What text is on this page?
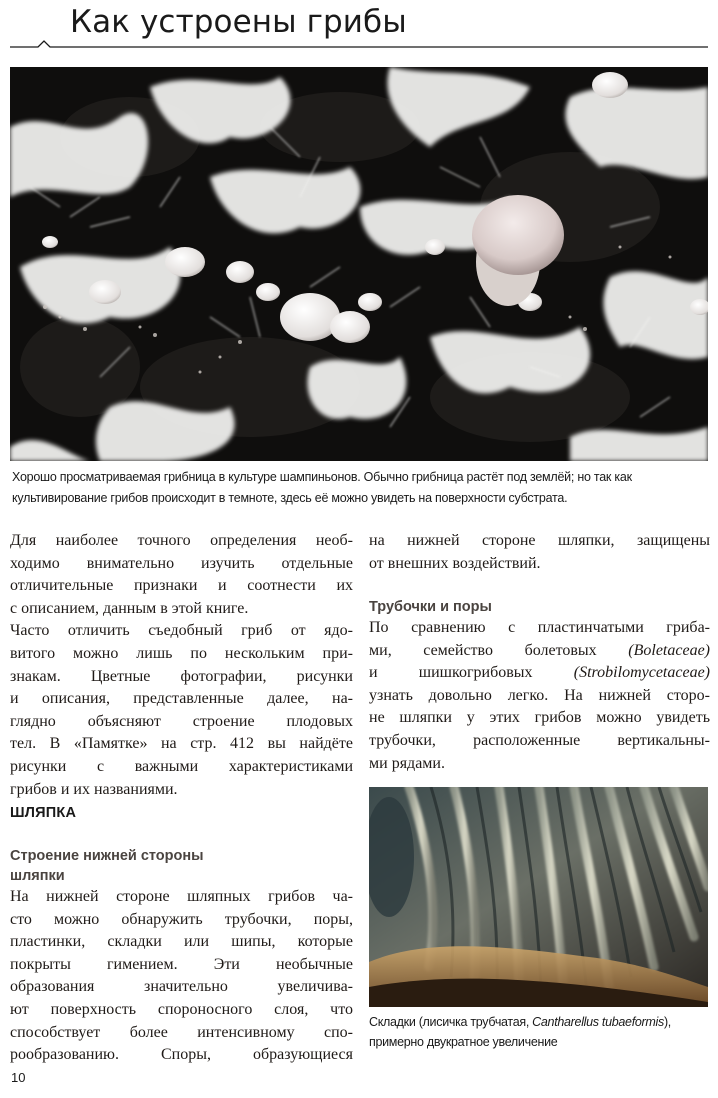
Как устроены грибы
Хорошо просматриваемая грибница в культуре шампиньонов. Обычно грибница растёт под землёй; но так как
культивирование грибов происходит в темноте, здесь её можно увидеть на поверхности субстрата.
Для наиболее точного определения необ-
ходимо внимательно изучить отдельные
отличительные признаки и соотнести их
с описанием, данным в этой книге.
Часто отличить съедобный гриб от ядо-
витого можно лишь по нескольким при-
знакам. Цветные фотографии, рисунки
и описания, представленные далее, на-
глядно объясняют строение плодовых
тел. В «Памятке» на стр. 412 вы найдёте
рисунки с важными характеристиками
грибов и их названиями.
ШЛЯПКА
Строение нижней стороны
шляпки
На нижней стороне шляпных грибов ча-
сто можно обнаружить трубочки, поры,
пластинки, складки или шипы, которые
покрыты гимением. Эти необычные
образования значительно увеличива-
ют поверхность спороносного слоя, что
способствует более интенсивному спо-
рообразованию. Споры, образующиеся
на нижней стороне шляпки, защищены
от внешних воздействий.
Трубочки и поры
По сравнению с пластинчатыми гриба-
ми, семейство болетовых (Boletaceae)
и шишкогрибовых (Strobilomycetaceae)
узнать довольно легко. На нижней сторо-
не шляпки у этих грибов можно увидеть
трубочки, расположенные вертикальны-
ми рядами.
Складки (лисичка трубчатая, Cantharellus tubaeformis),
примерно двукратное увеличение
10
